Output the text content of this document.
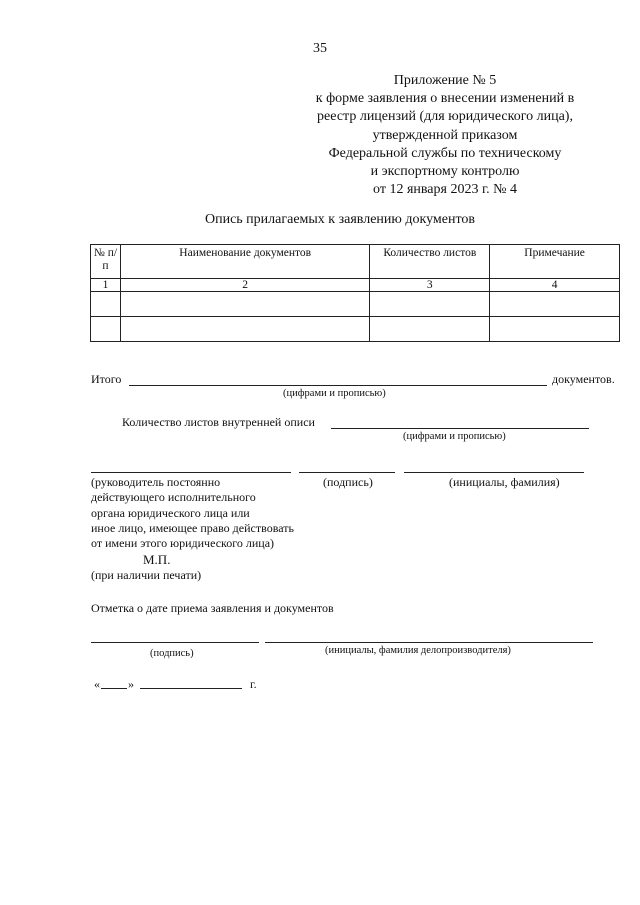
35
Приложение № 5
к форме заявления о внесении изменений в
реестр лицензий (для юридического лица),
утвержденной приказом
Федеральной службы по техническому
и экспортному контролю
от 12 января 2023 г. № 4
Опись прилагаемых к заявлению документов
№ п/п	Наименование документов	Количество листов	Примечание
1	2	3	4

Итого	документов.
(цифрами и прописью)
Количество листов внутренней описи
(цифрами и прописью)
(руководитель постоянно
действующего исполнительного
органа юридического лица или
иное лицо, имеющее право действовать
от имени этого юридического лица)
(подпись)	(инициалы, фамилия)
М.П.
(при наличии печати)
Отметка о дате приема заявления и документов
(подпись)	(инициалы, фамилия делопроизводителя)
« »	г.
